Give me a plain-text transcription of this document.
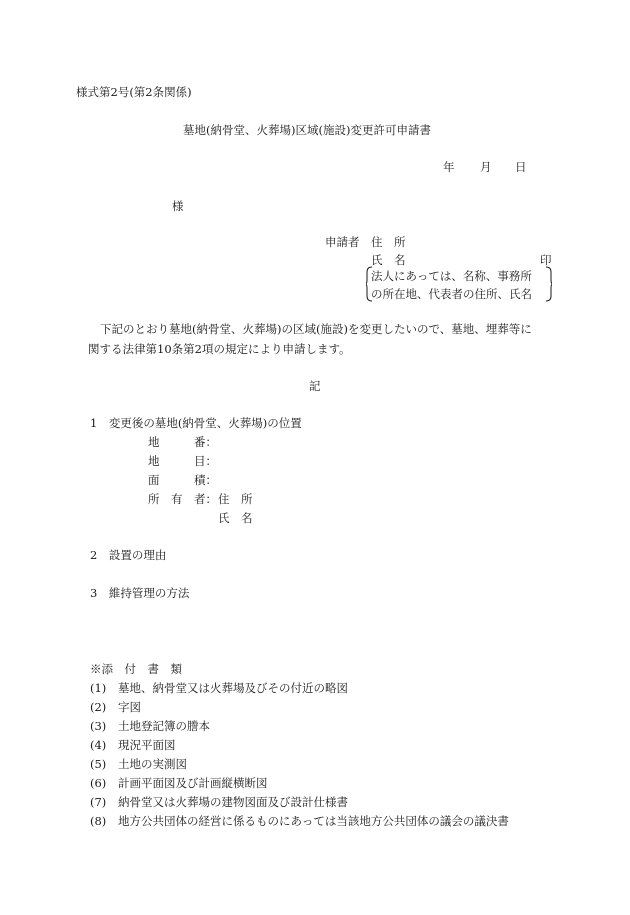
様式第2号(第2条関係)
墓地(納骨堂、火葬場)区域(施設)変更許可申請書
年 月 日
様
申請者 住　所
氏　名	印
法人にあっては、名称、事務所
の所在地、代表者の住所、氏名
下記のとおり墓地(納骨堂、火葬場)の区域(施設)を変更したいので、墓地、埋葬等に
関する法律第10条第2項の規定により申請します。
記
1　変更後の墓地(納骨堂、火葬場)の位置
地　　　番：
地　　　目：
面　　　積：
所　有　者： 住　所
氏　名
2　設置の理由
3　維持管理の方法
※添　付　書　類
(1) 墓地、納骨堂又は火葬場及びその付近の略図
(2) 字図
(3) 土地登記簿の謄本
(4) 現況平面図
(5) 土地の実測図
(6) 計画平面図及び計画縦横断図
(7) 納骨堂又は火葬場の建物図面及び設計仕様書
(8) 地方公共団体の経営に係るものにあっては当該地方公共団体の議会の議決書
